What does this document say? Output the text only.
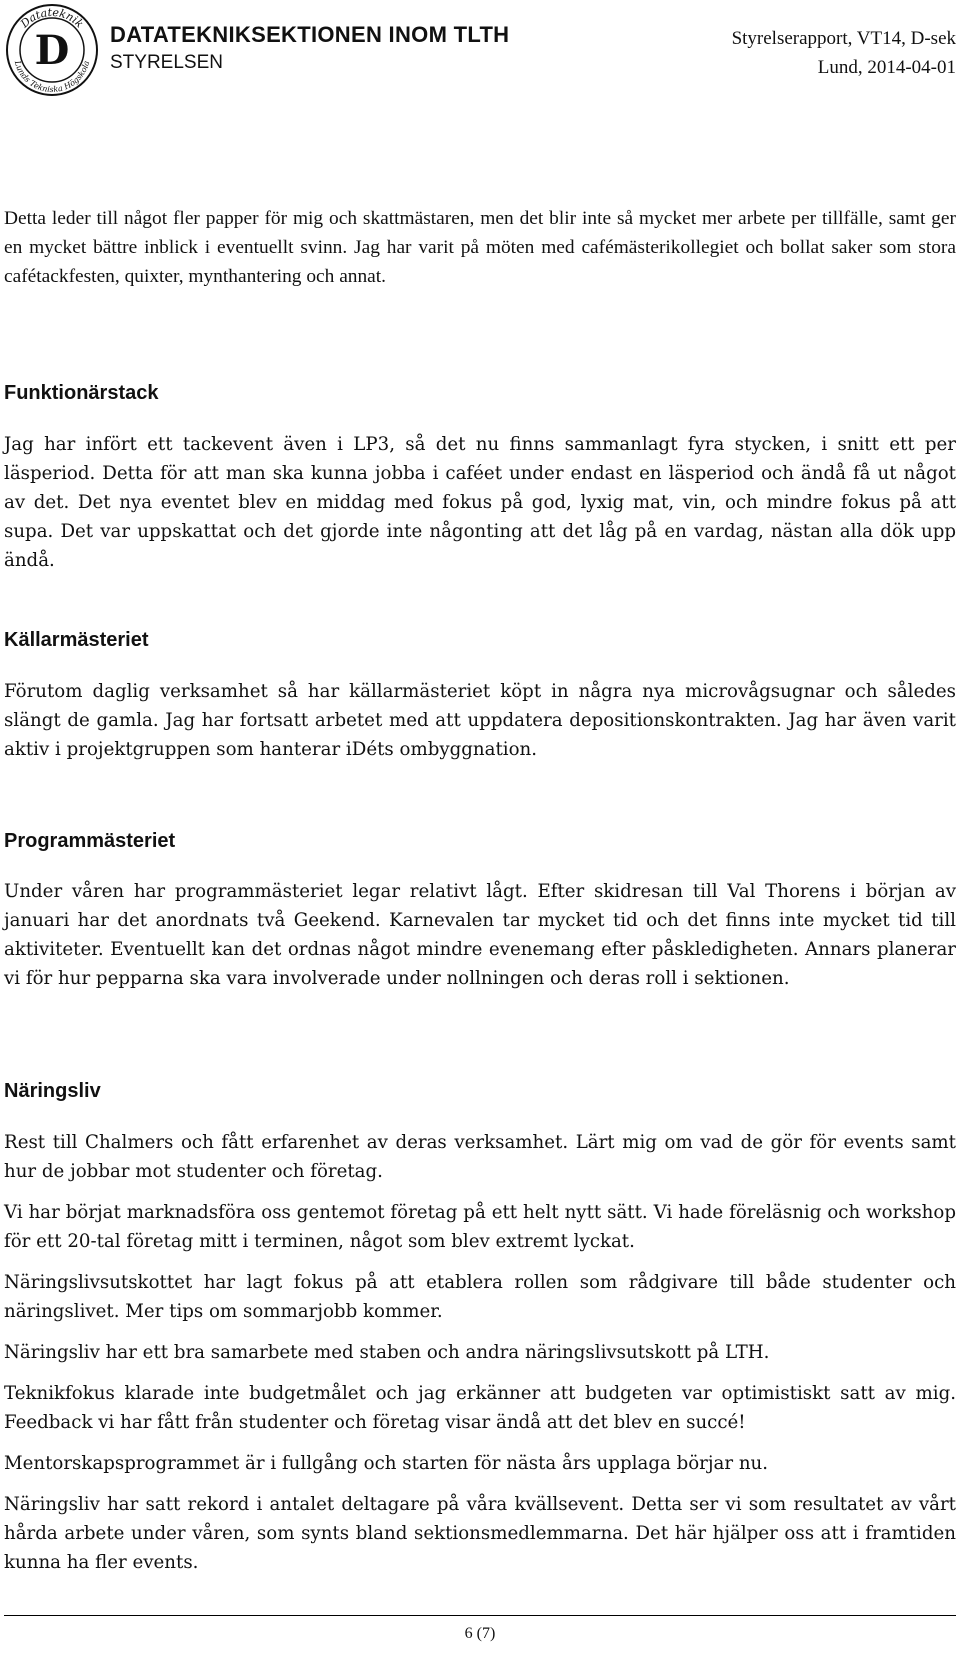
Datateknik
Lunds Tekniska Högskola
D DATATEKNIKSEKTIONEN INOM TLTH
STYRELSEN
Styrelserapport, VT14, D-sek
Lund, 2014-04-01

Detta leder till något fler papper för mig och skattmästaren, men det blir inte så mycket mer arbete per tillfälle, samt ger en mycket bättre inblick i eventuellt svinn. Jag har varit på möten med cafémästerikollegiet och bollat saker som stora cafétackfesten, quixter, mynthantering och annat.

Funktionärstack

Jag har infört ett tackevent även i LP3, så det nu finns sammanlagt fyra stycken, i snitt ett per läsperiod. Detta för att man ska kunna jobba i caféet under endast en läsperiod och ändå få ut något av det. Det nya eventet blev en middag med fokus på god, lyxig mat, vin, och mindre fokus på att supa. Det var uppskattat och det gjorde inte någonting att det låg på en vardag, nästan alla dök upp ändå.

Källarmästeriet

Förutom daglig verksamhet så har källarmästeriet köpt in några nya microvågsugnar och således slängt de gamla. Jag har fortsatt arbetet med att uppdatera depositionskontrakten. Jag har även varit aktiv i projektgruppen som hanterar iDéts ombyggnation.

Programmästeriet

Under våren har programmästeriet legar relativt lågt. Efter skidresan till Val Thorens i början av januari har det anordnats två Geekend. Karnevalen tar mycket tid och det finns inte mycket tid till aktiviteter. Eventuellt kan det ordnas något mindre evenemang efter påskledigheten. Annars planerar vi för hur pepparna ska vara involverade under nollningen och deras roll i sektionen.

Näringsliv

Rest till Chalmers och fått erfarenhet av deras verksamhet. Lärt mig om vad de gör för events samt hur de jobbar mot studenter och företag.

Vi har börjat marknadsföra oss gentemot företag på ett helt nytt sätt. Vi hade föreläsnig och workshop för ett 20-tal företag mitt i terminen, något som blev extremt lyckat.

Näringslivsutskottet har lagt fokus på att etablera rollen som rådgivare till både studenter och näringslivet. Mer tips om sommarjobb kommer.

Näringsliv har ett bra samarbete med staben och andra näringslivsutskott på LTH.

Teknikfokus klarade inte budgetmålet och jag erkänner att budgeten var optimistiskt satt av mig. Feedback vi har fått från studenter och företag visar ändå att det blev en succé!

Mentorskapsprogrammet är i fullgång och starten för nästa års upplaga börjar nu.

Näringsliv har satt rekord i antalet deltagare på våra kvällsevent. Detta ser vi som resultatet av vårt hårda arbete under våren, som synts bland sektionsmedlemmarna. Det här hjälper oss att i framtiden kunna ha fler events.

6 (7)
